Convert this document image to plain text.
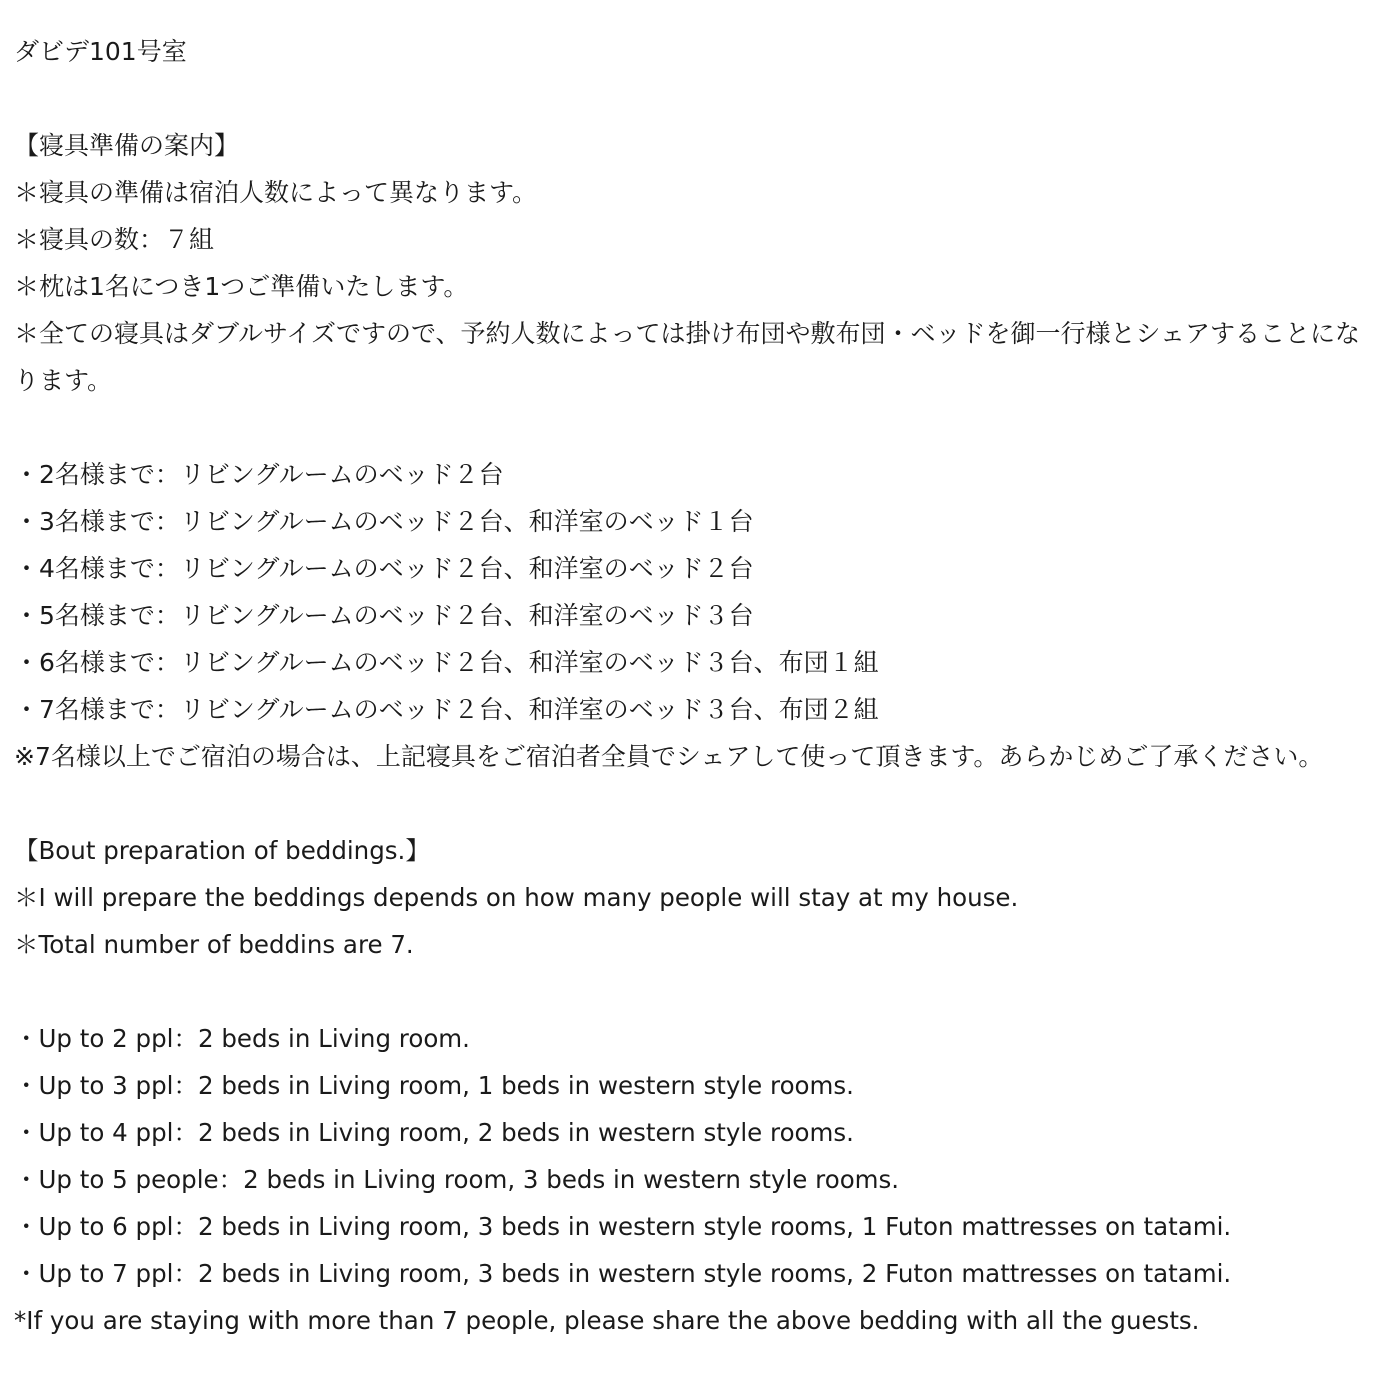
ダビデ101号室
【寝具準備の案内】
＊寝具の準備は宿泊人数によって異なります。
＊寝具の数：７組
＊枕は1名につき1つご準備いたします。
＊全ての寝具はダブルサイズですので、予約人数によっては掛け布団や敷布団・ベッドを御一行様とシェアすることになります。
・2名様まで：リビングルームのベッド２台
・3名様まで：リビングルームのベッド２台、和洋室のベッド１台
・4名様まで：リビングルームのベッド２台、和洋室のベッド２台
・5名様まで：リビングルームのベッド２台、和洋室のベッド３台
・6名様まで：リビングルームのベッド２台、和洋室のベッド３台、布団１組
・7名様まで：リビングルームのベッド２台、和洋室のベッド３台、布団２組
※7名様以上でご宿泊の場合は、上記寝具をご宿泊者全員でシェアして使って頂きます。あらかじめご了承ください。
【Bout preparation of beddings.】
＊I will prepare the beddings depends on how many people will stay at my house.
＊Total number of beddins are 7.
・Up to 2 ppl：2 beds in Living room.
・Up to 3 ppl：2 beds in Living room, 1 beds in western style rooms.
・Up to 4 ppl：2 beds in Living room, 2 beds in western style rooms.
・Up to 5 people：2 beds in Living room, 3 beds in western style rooms.
・Up to 6 ppl：2 beds in Living room, 3 beds in western style rooms, 1 Futon mattresses on tatami.
・Up to 7 ppl：2 beds in Living room, 3 beds in western style rooms, 2 Futon mattresses on tatami.
*If you are staying with more than 7 people, please share the above bedding with all the guests.
